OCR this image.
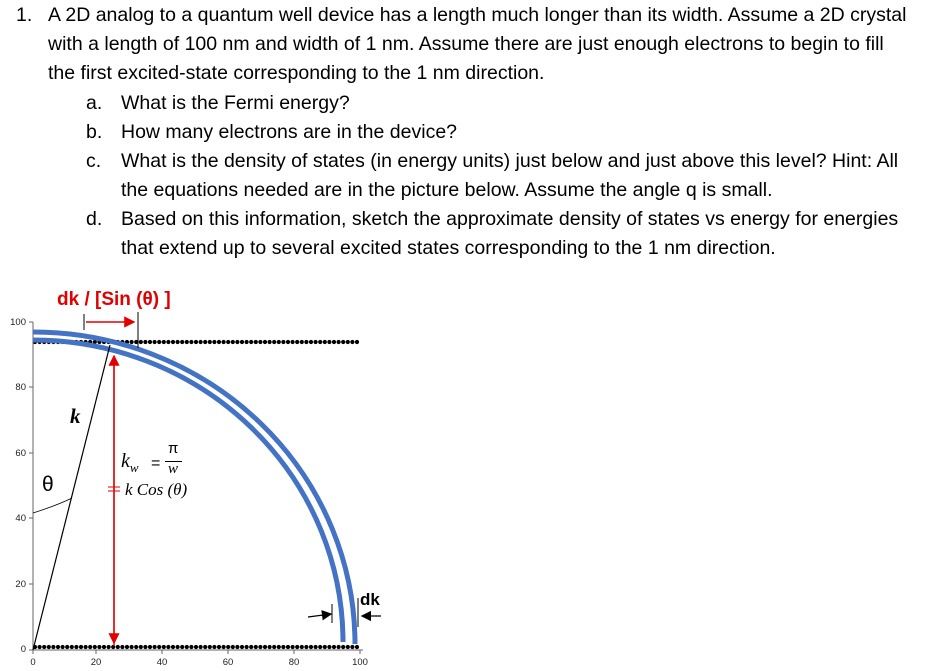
1. A 2D analog to a quantum well device has a length much longer than its width. Assume a 2D crystal
with a length of 100 nm and width of 1 nm. Assume there are just enough electrons to begin to fill
the first excited-state corresponding to the 1 nm direction.
a. What is the Fermi energy?
b. How many electrons are in the device?
c. What is the density of states (in energy units) just below and just above this level? Hint: All
the equations needed are in the picture below. Assume the angle q is small.
d. Based on this information, sketch the approximate density of states vs energy for energies
that extend up to several excited states corresponding to the 1 nm direction.
100
80
60
40
20
0
0	20	40	60	80	100
dk / [Sin (θ) ]
k
θ
$k_w$ =
π
w
k Cos (θ)
dk
